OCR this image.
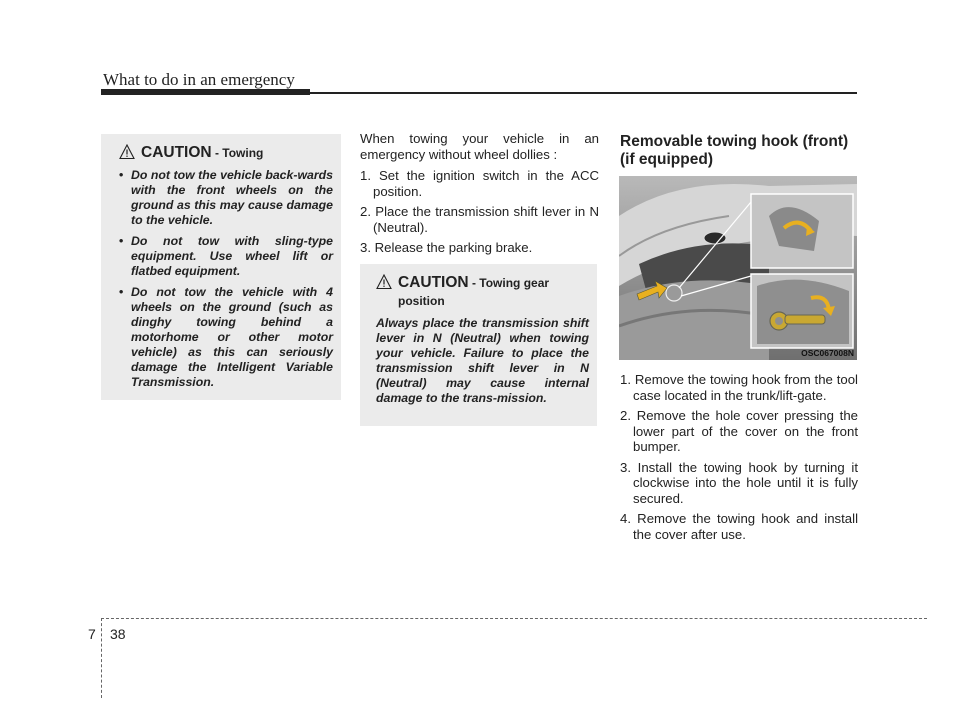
What to do in an emergency
CAUTION - Towing
• Do not tow the vehicle back-wards with the front wheels on the ground as this may cause damage to the vehicle.
• Do not tow with sling-type equipment. Use wheel lift or flatbed equipment.
• Do not tow the vehicle with 4 wheels on the ground (such as dinghy towing behind a motorhome or other motor vehicle) as this can seriously damage the Intelligent Variable Transmission.

When towing your vehicle in an emergency without wheel dollies :

1. Set the ignition switch in the ACC position.
2. Place the transmission shift lever in N (Neutral).
3. Release the parking brake.
CAUTION - Towing gear position

Always place the transmission shift lever in N (Neutral) when towing your vehicle. Failure to place the transmission shift lever in N (Neutral) may cause internal damage to the trans-mission.

Removable towing hook (front) (if equipped)
OSC067008N
1. Remove the towing hook from the tool case located in the trunk/lift-gate.
2. Remove the hole cover pressing the lower part of the cover on the front bumper.
3. Install the towing hook by turning it clockwise into the hole until it is fully secured.
4. Remove the towing hook and install the cover after use.
7 38
